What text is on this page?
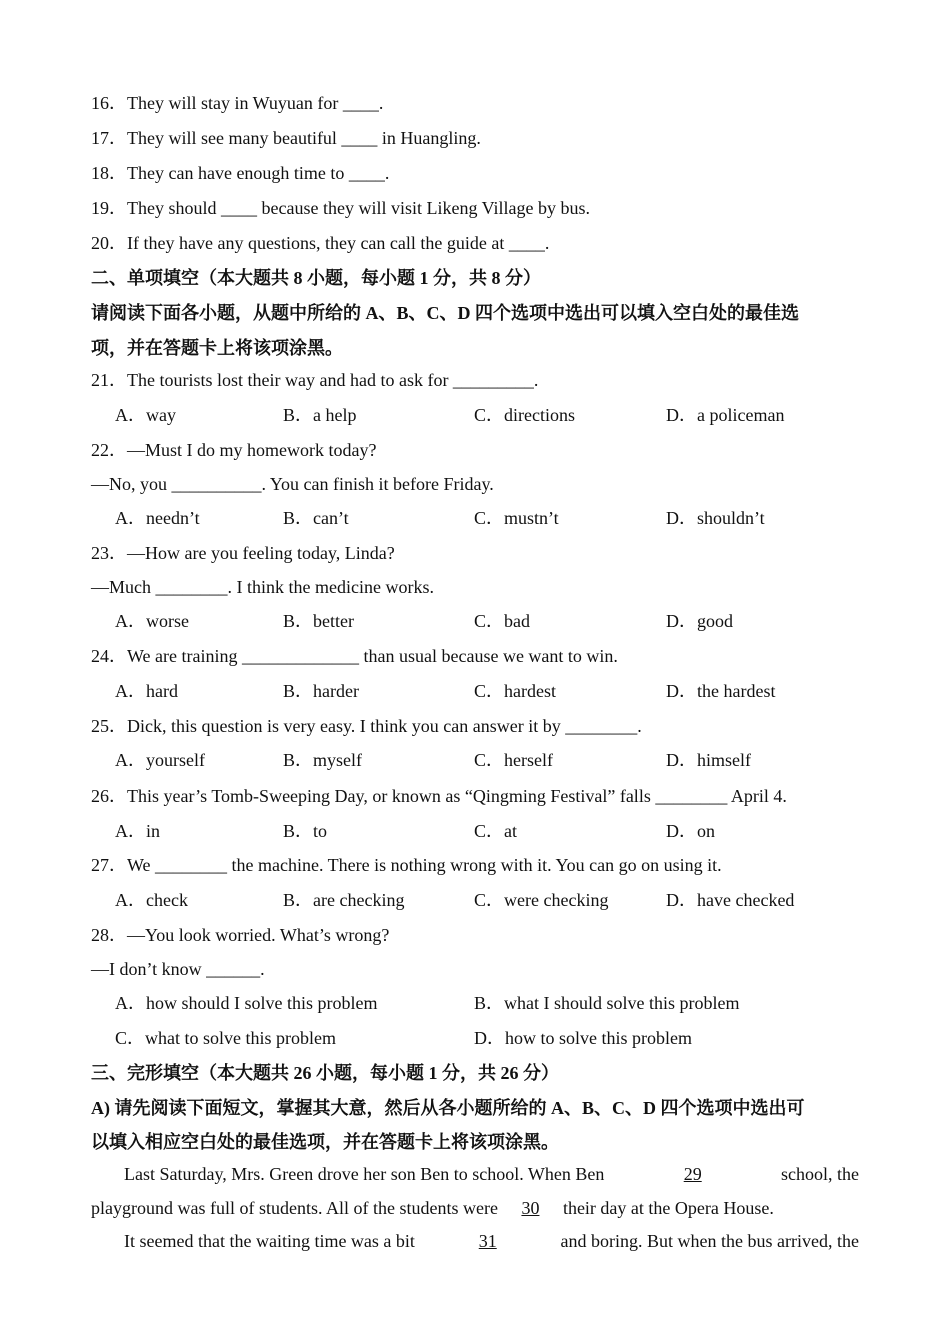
16．They will stay in Wuyuan for ____.
17．They will see many beautiful ____ in Huangling.
18．They can have enough time to ____.
19．They should ____ because they will visit Likeng Village by bus.
20．If they have any questions, they can call the guide at ____.
二、单项填空（本大题共 8 小题，每小题 1 分，共 8 分）
请阅读下面各小题，从题中所给的 A、B、C、D 四个选项中选出可以填入空白处的最佳选
项，并在答题卡上将该项涂黑。
21．The tourists lost their way and had to ask for _________.
A．way	B．a help	C．directions	D．a policeman
22．—Must I do my homework today?
—No, you __________. You can finish it before Friday.
A．needn’t	B．can’t	C．mustn’t	D．shouldn’t
23．—How are you feeling today, Linda?
—Much ________. I think the medicine works.
A．worse	B．better	C．bad	D．good
24．We are training _____________ than usual because we want to win.
A．hard	B．harder	C．hardest	D．the hardest
25．Dick, this question is very easy. I think you can answer it by ________.
A．yourself	B．myself	C．herself	D．himself
26．This year’s Tomb-Sweeping Day, or known as “Qingming Festival” falls ________ April 4.
A．in	B．to	C．at	D．on
27．We ________ the machine. There is nothing wrong with it. You can go on using it.
A．check	B．are checking	C．were checking	D．have checked
28．—You look worried. What’s wrong?
—I don’t know ______.
A．how should I solve this problem	B．what I should solve this problem
C．what to solve this problem	D．how to solve this problem
三、完形填空（本大题共 26 小题，每小题 1 分，共 26 分）
A) 请先阅读下面短文，掌握其大意，然后从各小题所给的 A、B、C、D 四个选项中选出可
以填入相应空白处的最佳选项，并在答题卡上将该项涂黑。
Last Saturday, Mrs. Green drove her son Ben to school. When Ben	29	school, the
playground was full of students. All of the students were 30 their day at the Opera House.
It seemed that the waiting time was a bit	31	and boring. But when the bus arrived, the
